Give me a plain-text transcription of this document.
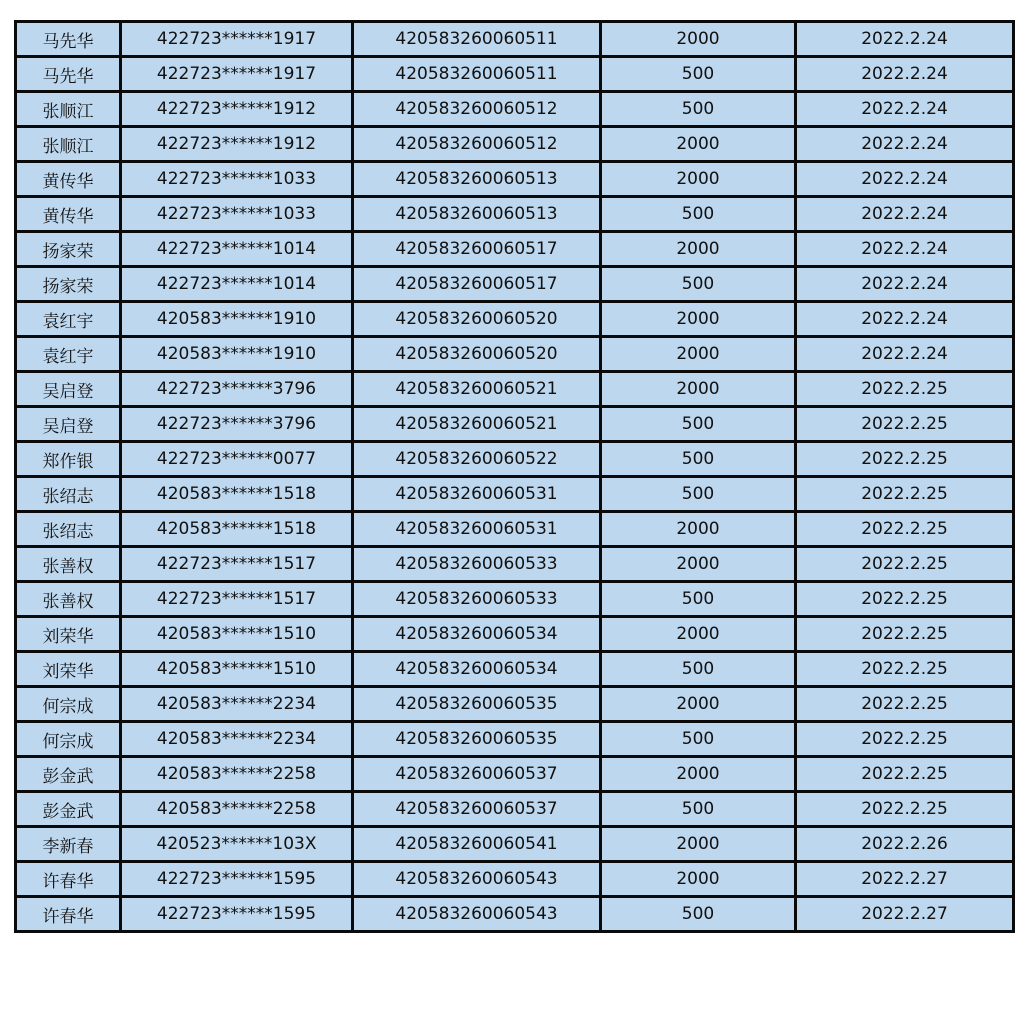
马先华	422723******1917	420583260060511	2000	2022.2.24
马先华	422723******1917	420583260060511	500	2022.2.24
张顺江	422723******1912	420583260060512	500	2022.2.24
张顺江	422723******1912	420583260060512	2000	2022.2.24
黄传华	422723******1033	420583260060513	2000	2022.2.24
黄传华	422723******1033	420583260060513	500	2022.2.24
扬家荣	422723******1014	420583260060517	2000	2022.2.24
扬家荣	422723******1014	420583260060517	500	2022.2.24
袁红宇	420583******1910	420583260060520	2000	2022.2.24
袁红宇	420583******1910	420583260060520	2000	2022.2.24
吴启登	422723******3796	420583260060521	2000	2022.2.25
吴启登	422723******3796	420583260060521	500	2022.2.25
郑作银	422723******0077	420583260060522	500	2022.2.25
张绍志	420583******1518	420583260060531	500	2022.2.25
张绍志	420583******1518	420583260060531	2000	2022.2.25
张善权	422723******1517	420583260060533	2000	2022.2.25
张善权	422723******1517	420583260060533	500	2022.2.25
刘荣华	420583******1510	420583260060534	2000	2022.2.25
刘荣华	420583******1510	420583260060534	500	2022.2.25
何宗成	420583******2234	420583260060535	2000	2022.2.25
何宗成	420583******2234	420583260060535	500	2022.2.25
彭金武	420583******2258	420583260060537	2000	2022.2.25
彭金武	420583******2258	420583260060537	500	2022.2.25
李新春	420523******103X	420583260060541	2000	2022.2.26
许春华	422723******1595	420583260060543	2000	2022.2.27
许春华	422723******1595	420583260060543	500	2022.2.27
